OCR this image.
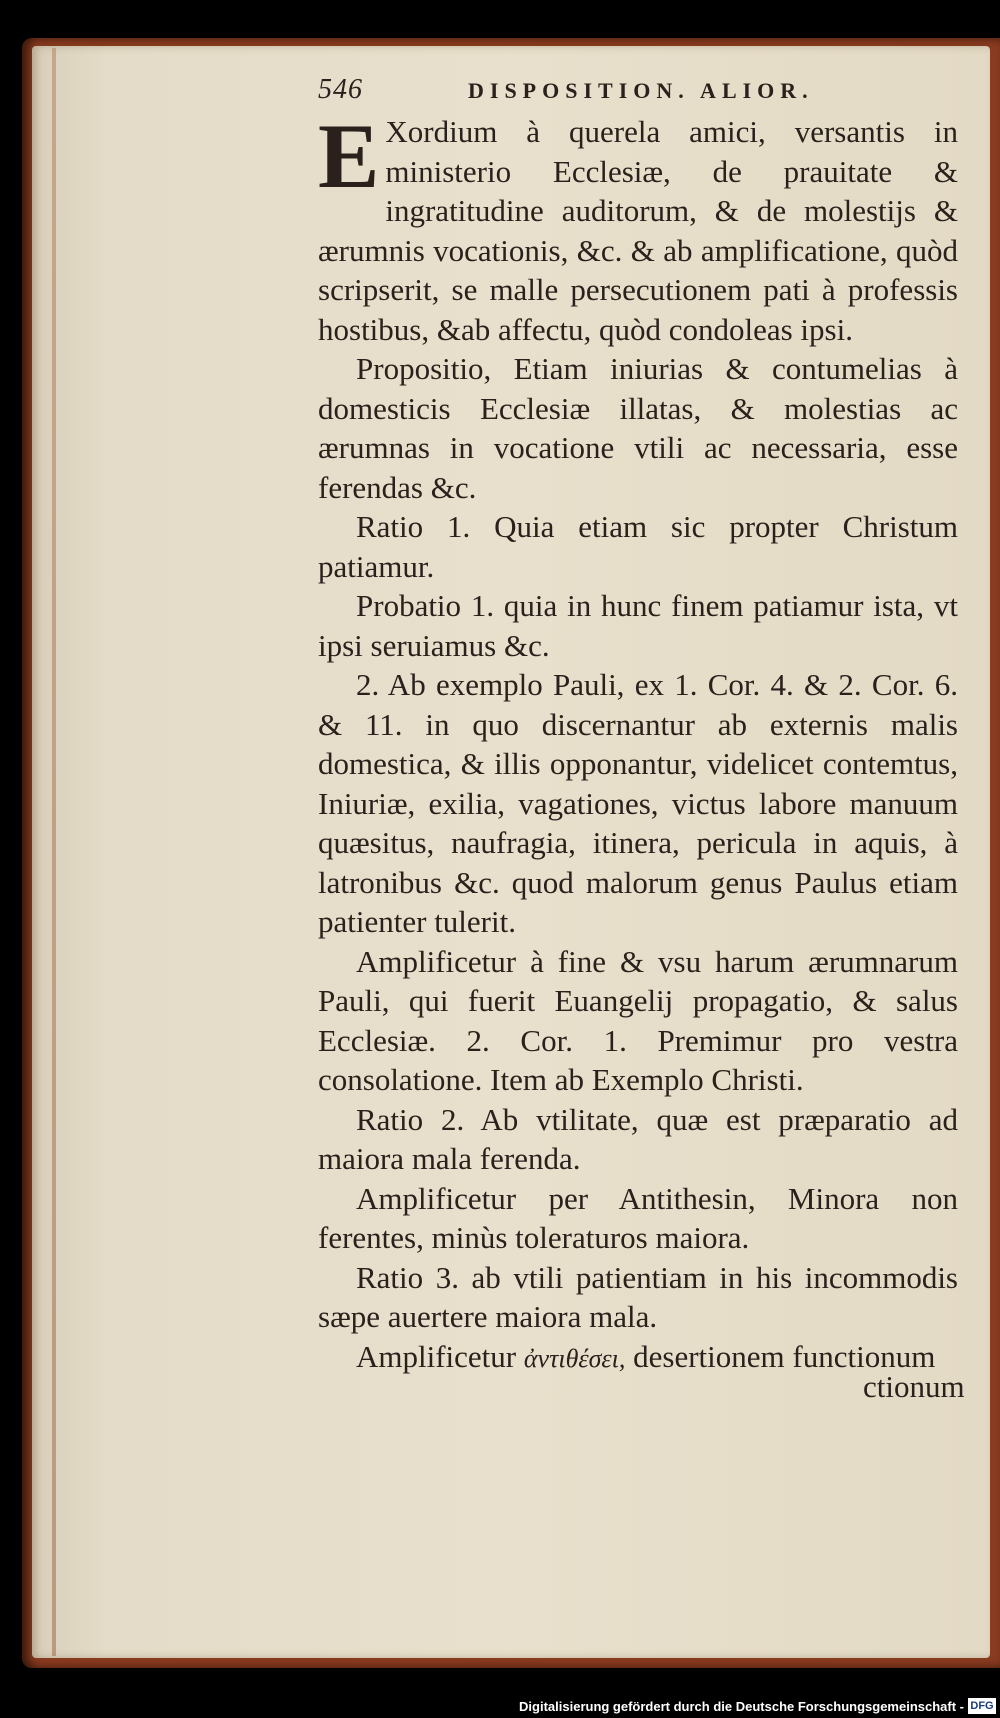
546	DISPOSITION. ALIOR.

E Xordium à querela amici, versantis in ministerio Ecclesiæ, de prauitate & ingratitudine auditorum, & de molestijs & ærumnis vocationis, &c. & ab amplificatione, quòd scripserit, se malle persecutionem pati à professis hostibus, &ab affectu, quòd condoleas ipsi.

Propositio, Etiam iniurias & contumelias à domesticis Ecclesiæ illatas, & molestias ac ærumnas in vocatione vtili ac necessaria, esse ferendas &c.

Ratio 1. Quia etiam sic propter Christum patiamur.

Probatio 1. quia in hunc finem patiamur ista, vt ipsi seruiamus &c.

2. Ab exemplo Pauli, ex 1. Cor. 4. & 2. Cor. 6. & 11. in quo discernantur ab externis malis domestica, & illis opponantur, videlicet contemtus, Iniuriæ, exilia, vagationes, victus labore manuum quæsitus, naufragia, itinera, pericula in aquis, à latronibus &c. quod malorum genus Paulus etiam patienter tulerit.

Amplificetur à fine & vsu harum ærumnarum Pauli, qui fuerit Euangelij propagatio, & salus Ecclesiæ. 2. Cor. 1. Premimur pro vestra consolatione. Item ab Exemplo Christi.

Ratio 2. Ab vtilitate, quæ est præparatio ad maiora mala ferenda.

Amplificetur per Antithesin, Minora non ferentes, minùs toleraturos maiora.

Ratio 3. ab vtili patientiam in his incommodis sæpe auertere maiora mala.

Amplificetur ἀντιθέσει, desertionem functionum

ctionum
Digitalisierung gefördert durch die Deutsche Forschungsgemeinschaft - DFG
